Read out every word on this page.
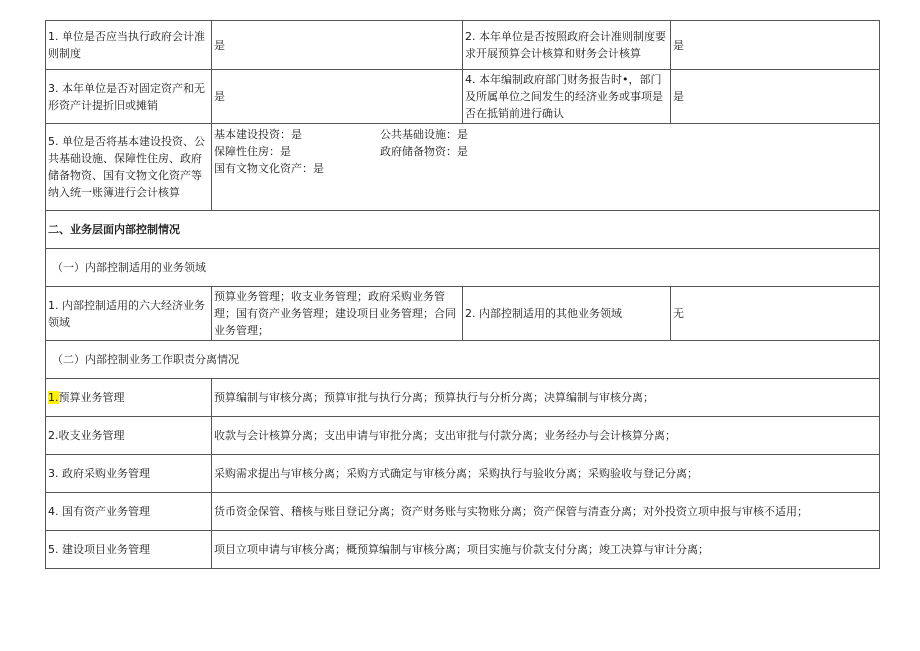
1. 单位是否应当执行政府会计准则制度	是	2. 本年单位是否按照政府会计准则制度要求开展预算会计核算和财务会计核算	是
3. 本年单位是否对固定资产和无形资产计提折旧或摊销	是	4. 本年编制政府部门财务报告时•，部门及所属单位之间发生的经济业务或事项是否在抵销前进行确认	是
5. 单位是否将基本建设投资、公共基础设施、保障性住房、政府储备物资、国有文物文化资产等纳入统一账簿进行会计核算	基本建设投资：是 公共基础设施：是
保障性住房：是 政府储备物资：是
国有文物文化资产：是		

二、业务层面内部控制情况			
（一）内部控制适用的业务领域			
1. 内部控制适用的六大经济业务领域	预算业务管理；收支业务管理；政府采购业务管理；国有资产业务管理；建设项目业务管理；合同业务管理；	2. 内部控制适用的其他业务领域	无
（二）内部控制业务工作职责分离情况			
1.预算业务管理	预算编制与审核分离；预算审批与执行分离；预算执行与分析分离；决算编制与审核分离；		
2.收支业务管理	收款与会计核算分离；支出申请与审批分离；支出审批与付款分离；业务经办与会计核算分离；		
3. 政府采购业务管理	采购需求提出与审核分离；采购方式确定与审核分离；采购执行与验收分离；采购验收与登记分离；		
4. 国有资产业务管理	货币资金保管、稽核与账目登记分离；资产财务账与实物账分离；资产保管与清查分离；对外投资立项申报与审核不适用；		
5. 建设项目业务管理	项目立项申请与审核分离；概预算编制与审核分离；项目实施与价款支付分离；竣工决算与审计分离；		
